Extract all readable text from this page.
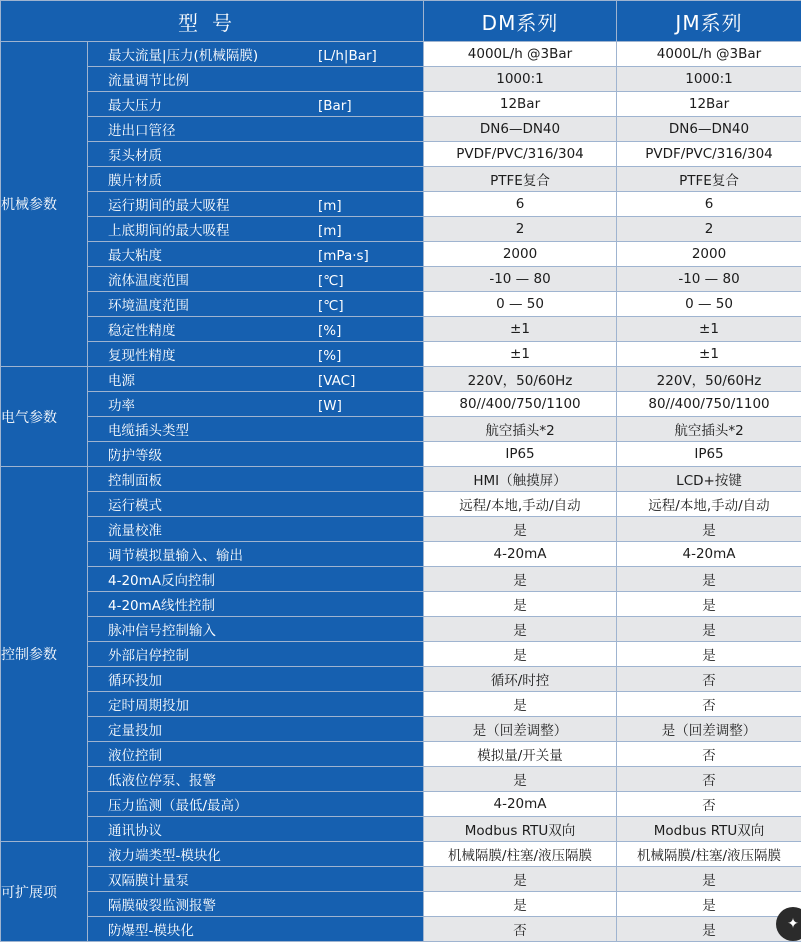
型号		DM系列	JM系列
机械参数	最大流量|压力(机械隔膜) [L/h|Bar]	4000L/h @3Bar	4000L/h @3Bar
	流量调节比例	1000:1	1000:1
	最大压力 [Bar]	12Bar	12Bar
	进出口管径	DN6—DN40	DN6—DN40
	泵头材质	PVDF/PVC/316/304	PVDF/PVC/316/304
	膜片材质	PTFE复合	PTFE复合
	运行期间的最大吸程 [m]	6	6
	上底期间的最大吸程 [m]	2	2
	最大粘度 [mPa·s]	2000	2000
	流体温度范围 [℃]	-10 — 80	-10 — 80
	环境温度范围 [℃]	0 — 50	0 — 50
	稳定性精度 [%]	±1	±1
	复现性精度 [%]	±1	±1
电气参数	电源 [VAC]	220V，50/60Hz	220V，50/60Hz
	功率 [W]	80//400/750/1100	80//400/750/1100
	电缆插头类型	航空插头*2	航空插头*2
	防护等级	IP65	IP65
控制参数	控制面板	HMI（触摸屏）	LCD+按键
	运行模式	远程/本地,手动/自动	远程/本地,手动/自动
	流量校准	是	是
	调节模拟量输入、输出	4-20mA	4-20mA
	4-20mA反向控制	是	是
	4-20mA线性控制	是	是
	脉冲信号控制输入	是	是
	外部启停控制	是	是
	循环投加	循环/时控	否
	定时周期投加	是	否
	定量投加	是（回差调整）	是（回差调整）
	液位控制	模拟量/开关量	否
	低液位停泵、报警	是	否
	压力监测（最低/最高）	4-20mA	否
	通讯协议	Modbus RTU双向	Modbus RTU双向
可扩展项	液力端类型-模块化	机械隔膜/柱塞/液压隔膜	机械隔膜/柱塞/液压隔膜
	双隔膜计量泵	是	是
	隔膜破裂监测报警	是	是
	防爆型-模块化	否	是	✦
